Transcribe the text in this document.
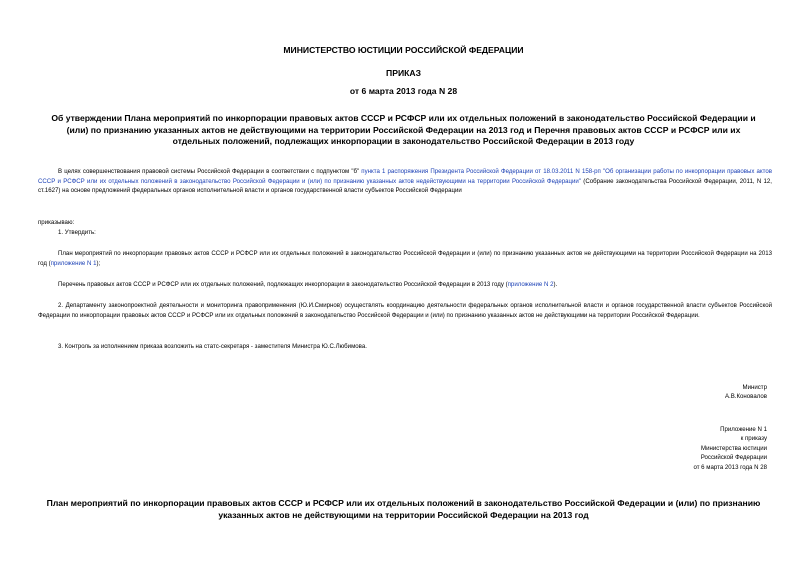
МИНИСТЕРСТВО ЮСТИЦИИ РОССИЙСКОЙ ФЕДЕРАЦИИ
ПРИКАЗ
от 6 марта 2013 года N 28
Об утверждении Плана мероприятий по инкорпорации правовых актов СССР и РСФСР или их отдельных положений в законодательство Российской Федерации и (или) по признанию указанных актов не действующими на территории Российской Федерации на 2013 год и Перечня правовых актов СССР и РСФСР или их отдельных положений, подлежащих инкорпорации в законодательство Российской Федерации в 2013 году

В целях совершенствования правовой системы Российской Федерации в соответствии с подпунктом "б" пункта 1 распоряжения Президента Российской Федерации от 18.03.2011 N 158-рп "Об организации работы по инкорпорации правовых актов СССР и РСФСР или их отдельных положений в законодательство Российской Федерации и (или) по признанию указанных актов недействующими на территории Российской Федерации" (Собрание законодательства Российской Федерации, 2011, N 12, ст.1627) на основе предложений федеральных органов исполнительной власти и органов государственной власти субъектов Российской Федерации

приказываю:
1. Утвердить:

План мероприятий по инкорпорации правовых актов СССР и РСФСР или их отдельных положений в законодательство Российской Федерации и (или) по признанию указанных актов не действующими на территории Российской Федерации на 2013 год (приложение N 1);

Перечень правовых актов СССР и РСФСР или их отдельных положений, подлежащих инкорпорации в законодательство Российской Федерации в 2013 году (приложение N 2).

2. Департаменту законопроектной деятельности и мониторинга правоприменения (Ю.И.Смирнов) осуществлять координацию деятельности федеральных органов исполнительной власти и органов государственной власти субъектов Российской Федерации по инкорпорации правовых актов СССР и РСФСР или их отдельных положений в законодательство Российской Федерации и (или) по признанию указанных актов не действующими на территории Российской Федерации.

3. Контроль за исполнением приказа возложить на статс-секретаря - заместителя Министра Ю.С.Любимова.

Министр
А.В.Коновалов
Приложение N 1
к приказу
Министерства юстиции
Российской Федерации
от 6 марта 2013 года N 28
План мероприятий по инкорпорации правовых актов СССР и РСФСР или их отдельных положений в законодательство Российской Федерации и (или) по признанию указанных актов не действующими на территории Российской Федерации на 2013 год
